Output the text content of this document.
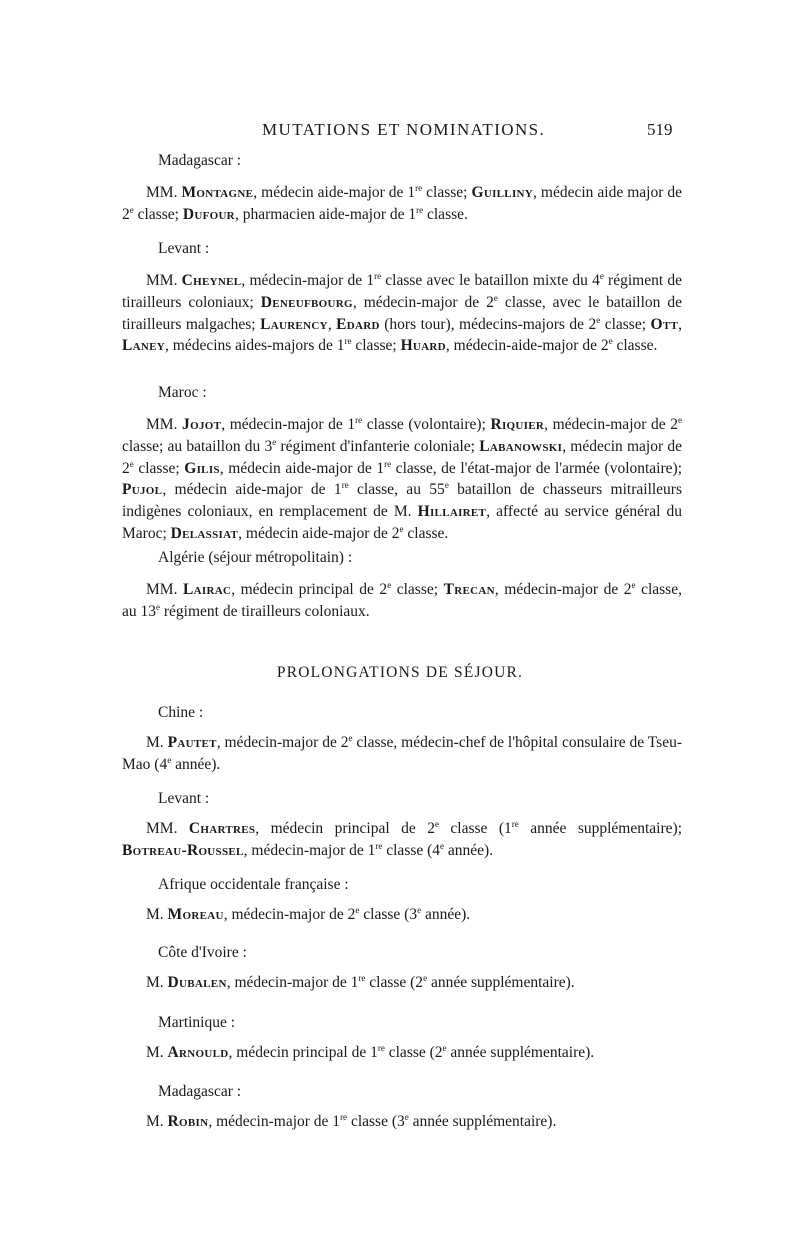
MUTATIONS ET NOMINATIONS.	519
Madagascar :

MM. Montagne, médecin aide-major de 1re classe; Guilliny, médecin aide major de 2e classe; Dufour, pharmacien aide-major de 1re classe.

Levant :

MM. Cheynel, médecin-major de 1re classe avec le bataillon mixte du 4e régiment de tirailleurs coloniaux; Deneufbourg, médecin-major de 2e classe, avec le bataillon de tirailleurs malgaches; Laurency, Edard (hors tour), médecins-majors de 2e classe; Ott, Laney, médecins aides-majors de 1re classe; Huard, médecin-aide-major de 2e classe.

Maroc :

MM. Jojot, médecin-major de 1re classe (volontaire); Riquier, médecin-major de 2e classe; au bataillon du 3e régiment d'infanterie coloniale; Labanowski, médecin major de 2e classe; Gilis, médecin aide-major de 1re classe, de l'état-major de l'armée (volontaire); Pujol, médecin aide-major de 1re classe, au 55e bataillon de chasseurs mitrailleurs indigènes coloniaux, en remplacement de M. Hillairet, affecté au service général du Maroc; Delassiat, médecin aide-major de 2e classe.

Algérie (séjour métropolitain) :

MM. Lairac, médecin principal de 2e classe; Trecan, médecin-major de 2e classe, au 13e régiment de tirailleurs coloniaux.

PROLONGATIONS DE SÉJOUR.
Chine :

M. Pautet, médecin-major de 2e classe, médecin-chef de l'hôpital consulaire de Tseu-Mao (4e année).

Levant :

MM. Chartres, médecin principal de 2e classe (1re année supplémentaire); Botreau-Roussel, médecin-major de 1re classe (4e année).

Afrique occidentale française :

M. Moreau, médecin-major de 2e classe (3e année).

Côte d'Ivoire :

M. Dubalen, médecin-major de 1re classe (2e année supplémentaire).

Martinique :

M. Arnould, médecin principal de 1re classe (2e année supplémentaire).

Madagascar :

M. Robin, médecin-major de 1re classe (3e année supplémentaire).
